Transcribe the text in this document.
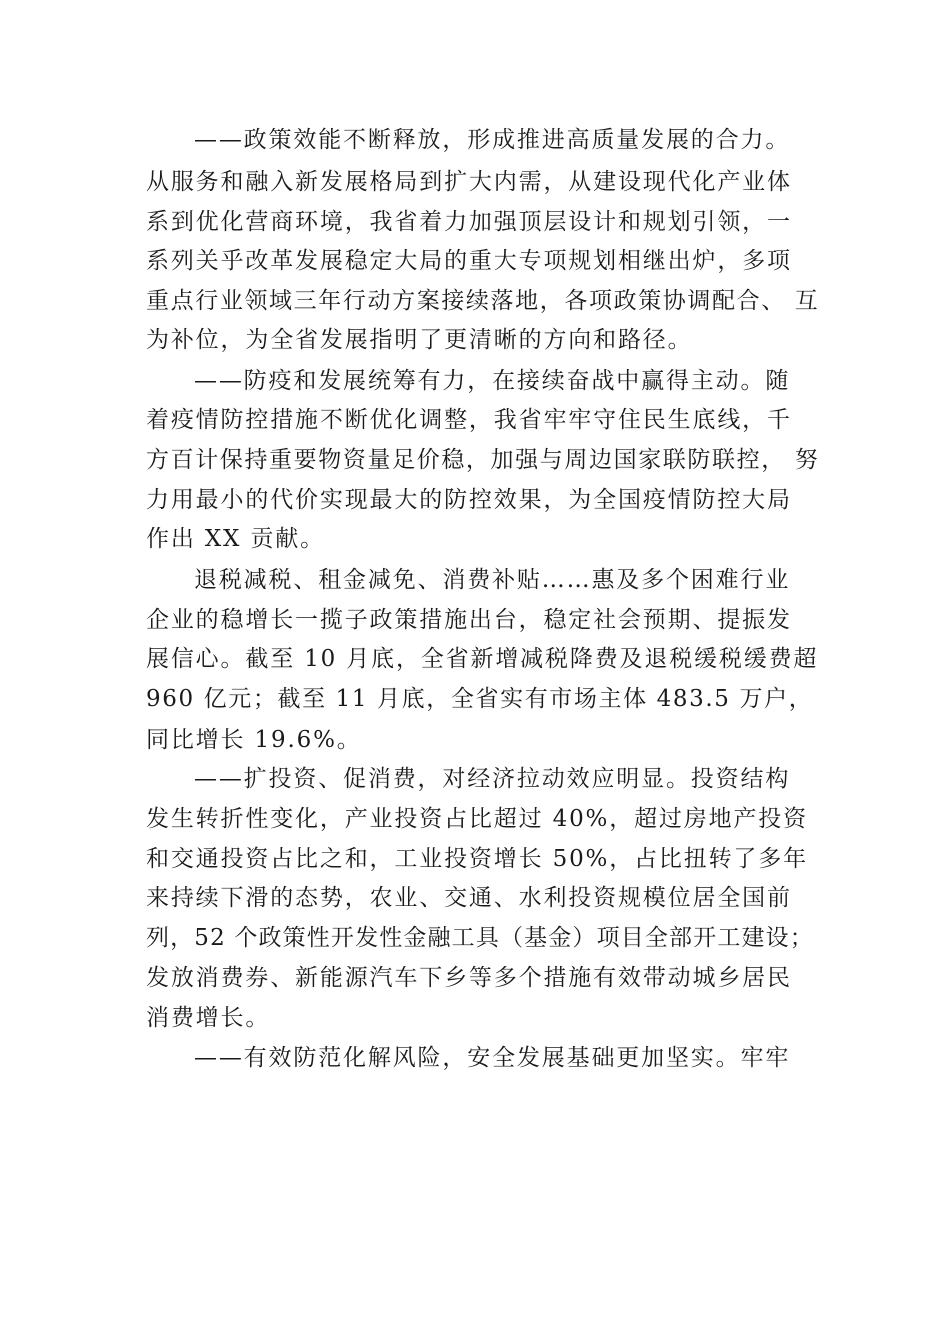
——政策效能不断释放，形成推进高质量发展的合力。

从服务和融入新发展格局到扩大内需，从建设现代化产业体

系到优化营商环境，我省着力加强顶层设计和规划引领，一

系列关乎改革发展稳定大局的重大专项规划相继出炉，多项

重点行业领域三年行动方案接续落地，各项政策协调配合、 互

为补位，为全省发展指明了更清晰的方向和路径。

——防疫和发展统筹有力，在接续奋战中赢得主动。随

着疫情防控措施不断优化调整，我省牢牢守住民生底线，千

方百计保持重要物资量足价稳，加强与周边国家联防联控， 努

力用最小的代价实现最大的防控效果，为全国疫情防控大局

作出 XX 贡献。

退税减税、租金减免、消费补贴……惠及多个困难行业

企业的稳增长一揽子政策措施出台，稳定社会预期、提振发

展信心。截至 10 月底，全省新增减税降费及退税缓税缓费超

960 亿元；截至 11 月底，全省实有市场主体 483.5 万户，

同比增长 19.6%。

——扩投资、促消费，对经济拉动效应明显。投资结构

发生转折性变化，产业投资占比超过 40%，超过房地产投资

和交通投资占比之和，工业投资增长 50%，占比扭转了多年

来持续下滑的态势，农业、交通、水利投资规模位居全国前

列，52 个政策性开发性金融工具（基金）项目全部开工建设；

发放消费券、新能源汽车下乡等多个措施有效带动城乡居民

消费增长。

——有效防范化解风险，安全发展基础更加坚实。牢牢
